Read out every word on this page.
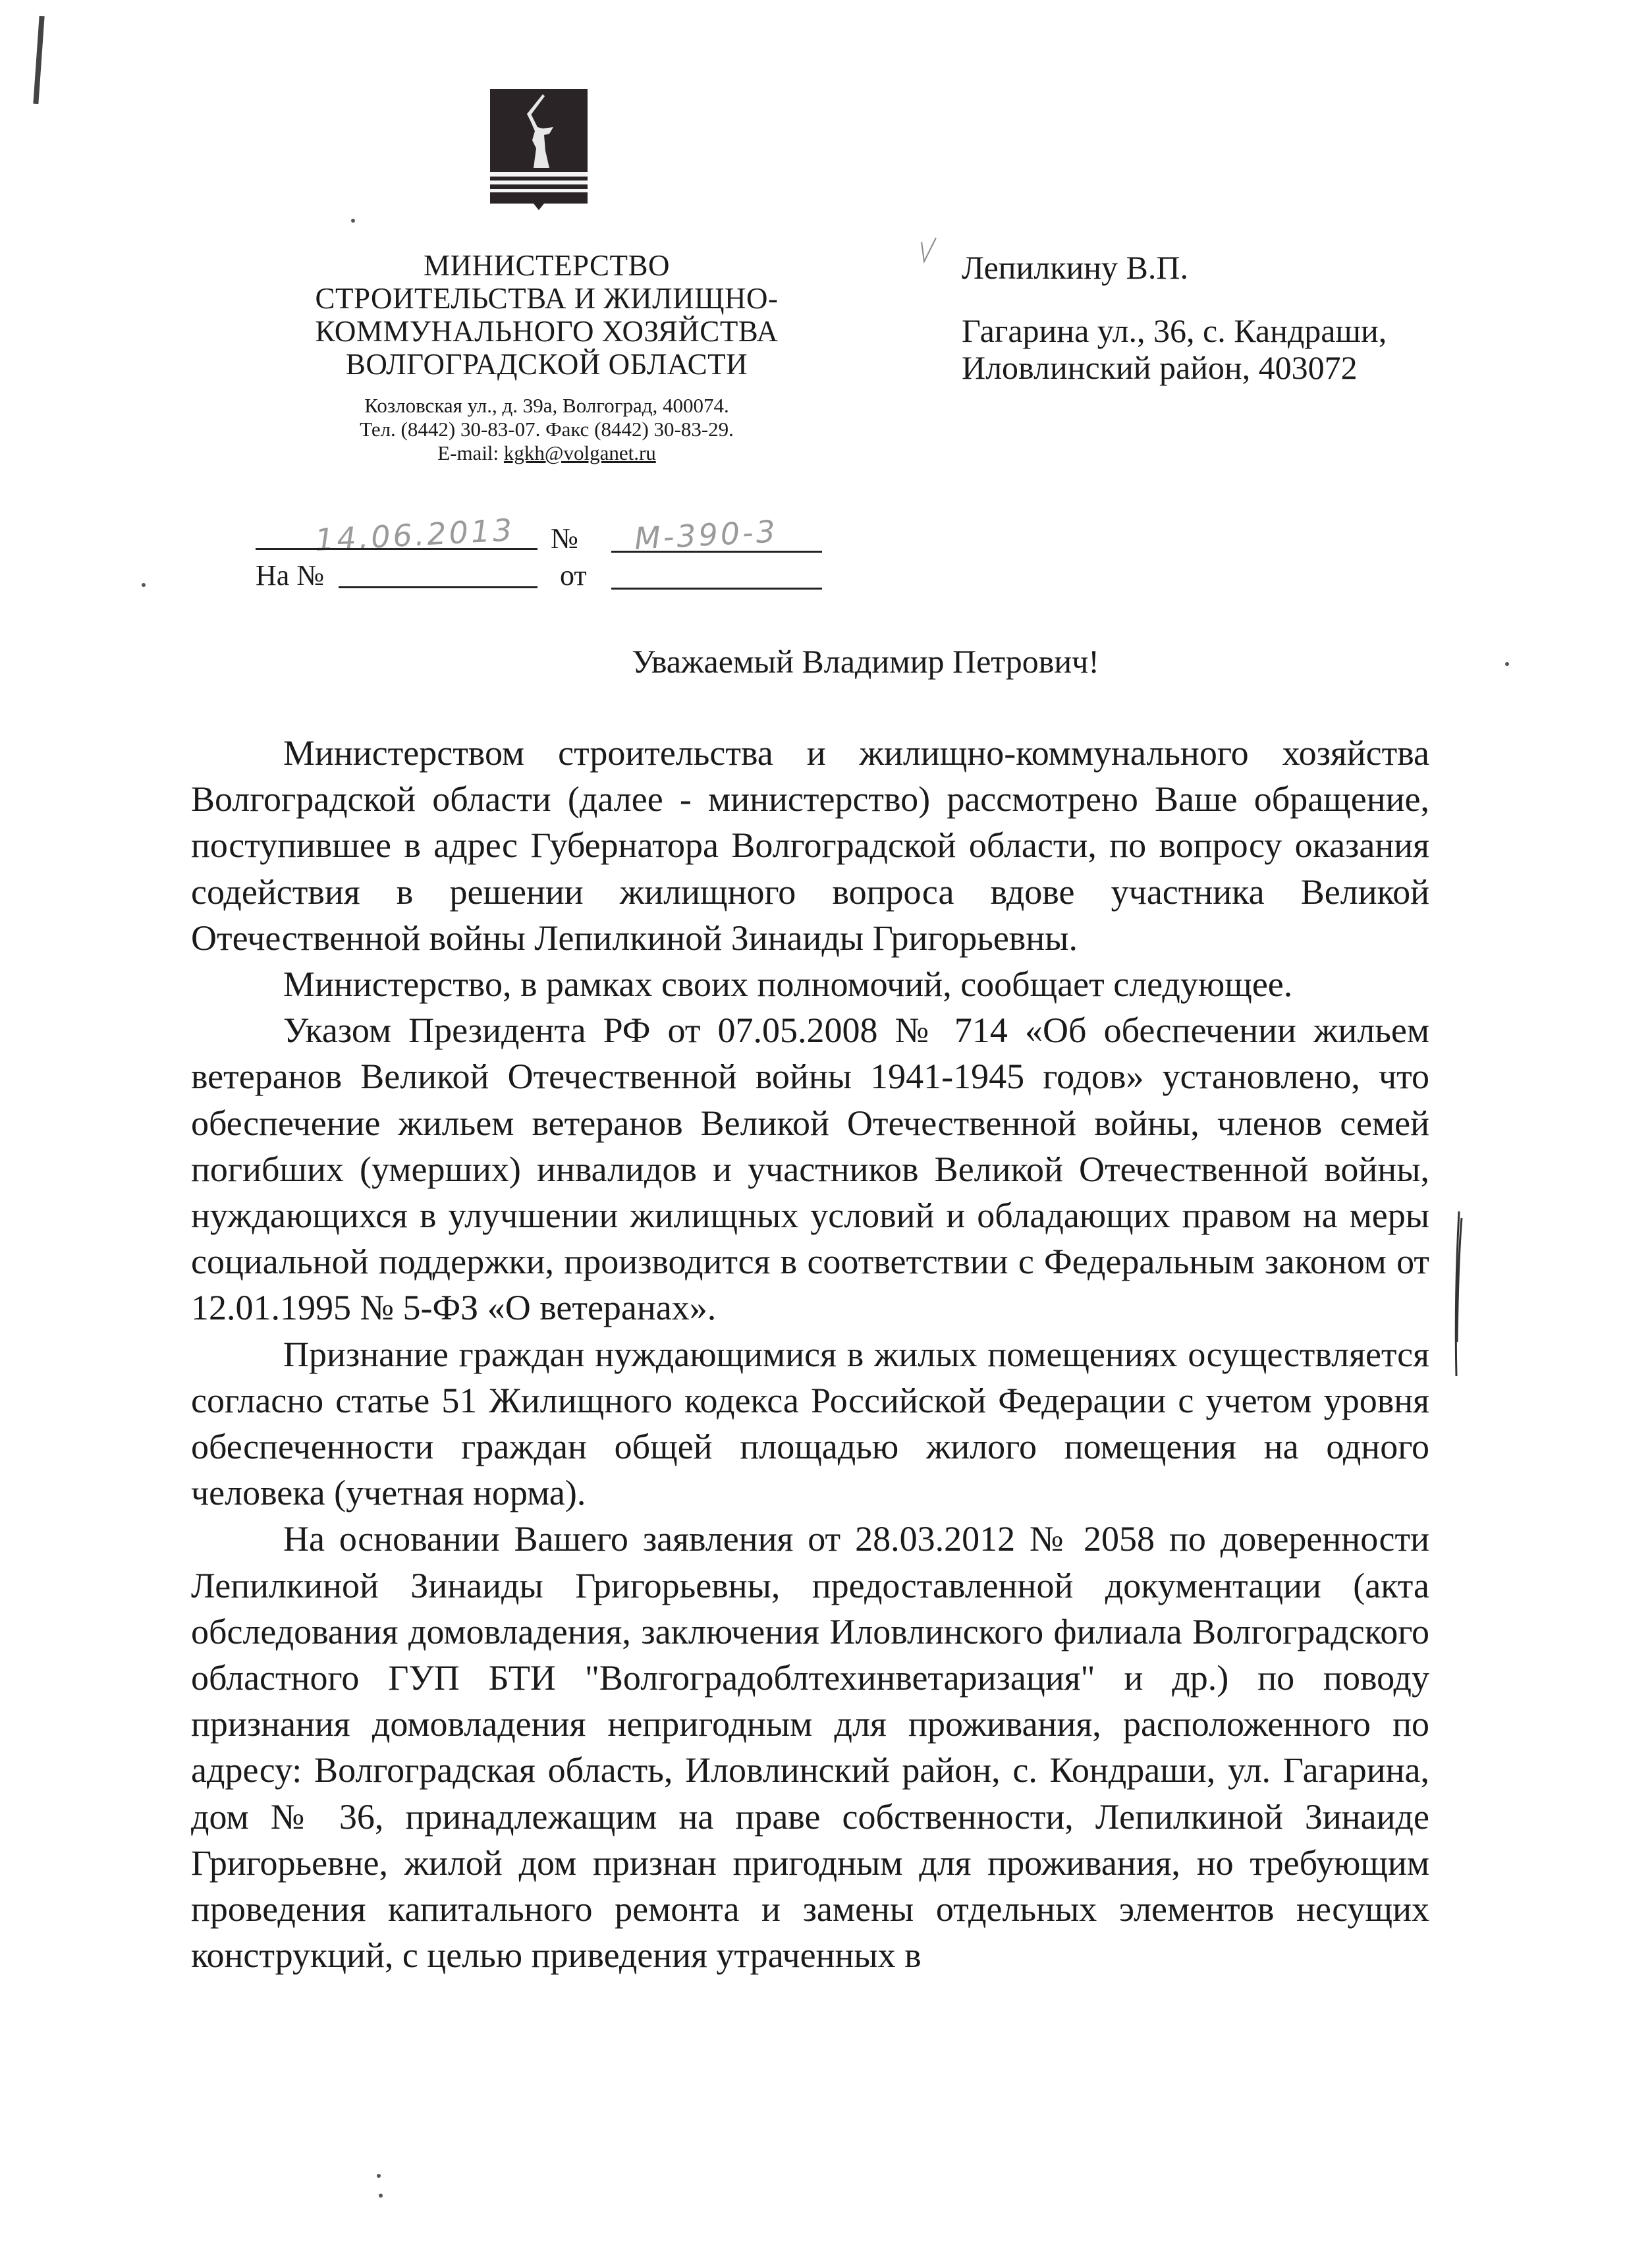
МИНИСТЕРСТВО
СТРОИТЕЛЬСТВА И ЖИЛИЩНО-
КОММУНАЛЬНОГО ХОЗЯЙСТВА
ВОЛГОГРАДСКОЙ ОБЛАСТИ
Козловская ул., д. 39а, Волгоград, 400074.
Тел. (8442) 30-83-07. Факс (8442) 30-83-29.
E-mail: kgkh@volganet.ru
Лепилкину В.П.
Гагарина ул., 36, с. Кандраши,
Иловлинский район, 403072
14.06.2013	М-390-3
№
На №	от
Уважаемый Владимир Петрович!

Министерством строительства и жилищно-коммунального хозяйства Волгоградской области (далее - министерство) рассмотрено Ваше обращение, поступившее в адрес Губернатора Волгоградской области, по вопросу оказания содействия в решении жилищного вопроса вдове участника Великой Отечественной войны Лепилкиной Зинаиды Григорьевны.

Министерство, в рамках своих полномочий, сообщает следующее.

Указом Президента РФ от 07.05.2008 № 714 «Об обеспечении жильем ветеранов Великой Отечественной войны 1941-1945 годов» установлено, что обеспечение жильем ветеранов Великой Отечественной войны, членов семей погибших (умерших) инвалидов и участников Великой Отечественной войны, нуждающихся в улучшении жилищных условий и обладающих правом на меры социальной поддержки, производится в соответствии с Федеральным законом от 12.01.1995 № 5-ФЗ «О ветеранах».

Признание граждан нуждающимися в жилых помещениях осуществляется согласно статье 51 Жилищного кодекса Российской Федерации с учетом уровня обеспеченности граждан общей площадью жилого помещения на одного человека (учетная норма).

На основании Вашего заявления от 28.03.2012 № 2058 по доверенности Лепилкиной Зинаиды Григорьевны, предоставленной документации (акта обследования домовладения, заключения Иловлинского филиала Волгоградского областного ГУП БТИ "Волгоградоблтехинветаризация" и др.) по поводу признания домовладения непригодным для проживания, расположенного по адресу: Волгоградская область, Иловлинский район, с. Кондраши, ул. Гагарина, дом № 36, принадлежащим на праве собственности, Лепилкиной Зинаиде Григорьевне, жилой дом признан пригодным для проживания, но требующим проведения капитального ремонта и замены отдельных элементов несущих конструкций, с целью приведения утраченных в
